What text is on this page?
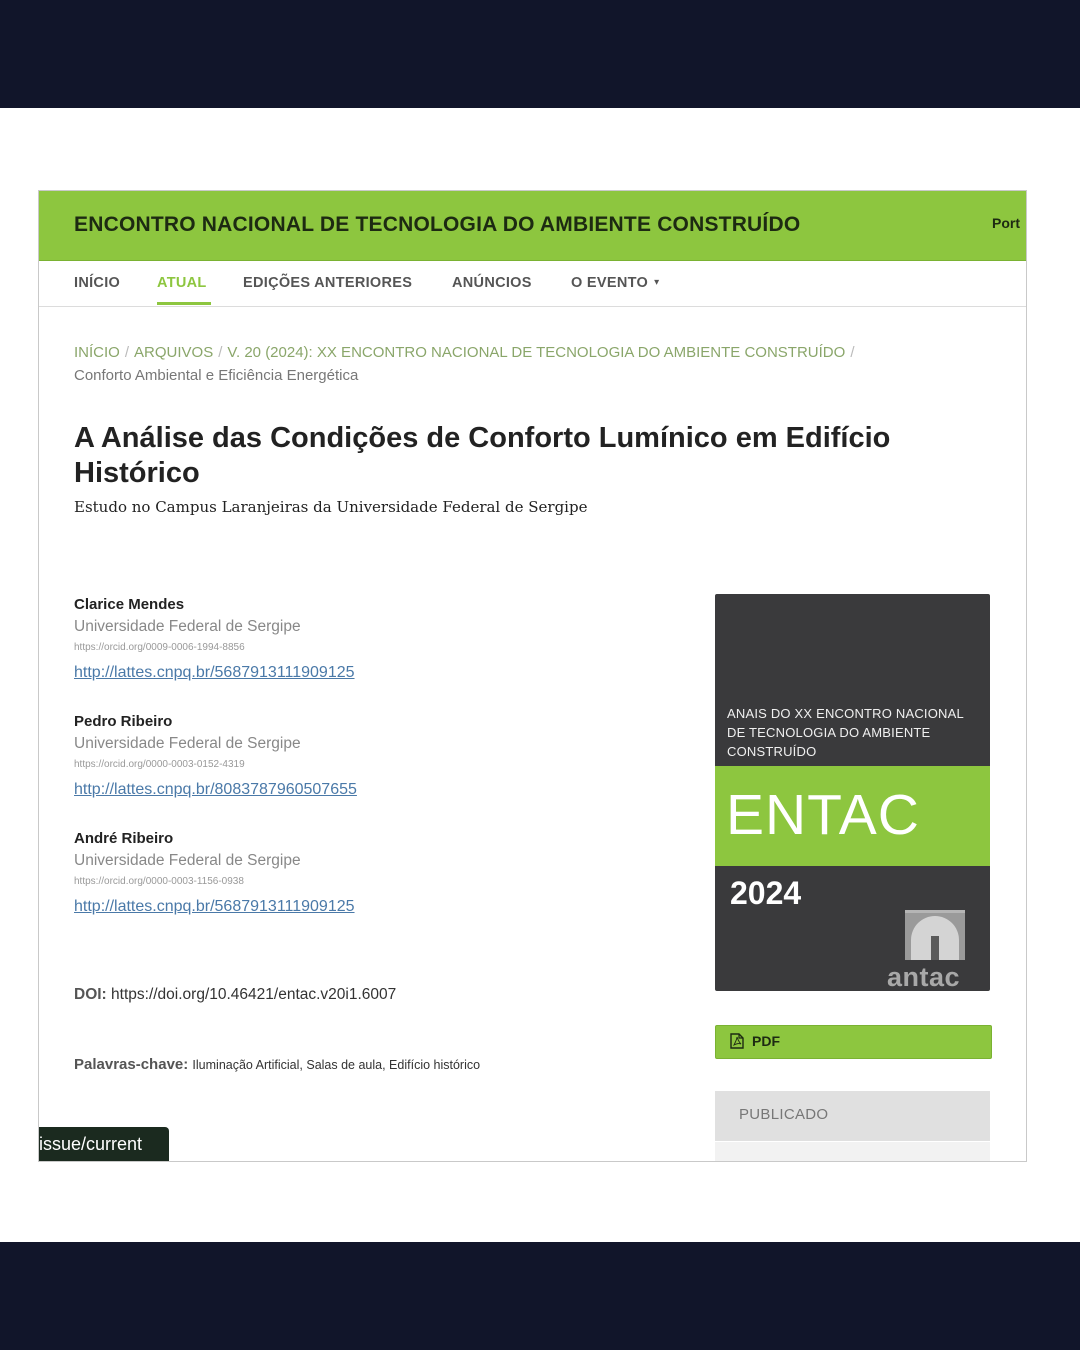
ENCONTRO NACIONAL DE TECNOLOGIA DO AMBIENTE CONSTRUÍDO	Port
INÍCIO	ATUAL	EDIÇÕES ANTERIORES	ANÚNCIOS	O EVENTO ▾
INÍCIO / ARQUIVOS / V. 20 (2024): XX ENCONTRO NACIONAL DE TECNOLOGIA DO AMBIENTE CONSTRUÍDO /
Conforto Ambiental e Eficiência Energética
A Análise das Condições de Conforto Lumínico em Edifício Histórico
Estudo no Campus Laranjeiras da Universidade Federal de Sergipe
Clarice Mendes
Universidade Federal de Sergipe
https://orcid.org/0009-0006-1994-8856
http://lattes.cnpq.br/5687913111909125
Pedro Ribeiro
Universidade Federal de Sergipe
https://orcid.org/0000-0003-0152-4319
http://lattes.cnpq.br/8083787960507655
André Ribeiro
Universidade Federal de Sergipe
https://orcid.org/0000-0003-1156-0938
http://lattes.cnpq.br/5687913111909125
DOI: https://doi.org/10.46421/entac.v20i1.6007
Palavras-chave: Iluminação Artificial, Salas de aula, Edifício histórico
ANAIS DO XX ENCONTRO NACIONAL DE TECNOLOGIA DO AMBIENTE CONSTRUÍDO
ENTAC
2024
antac
PDF
PUBLICADO
issue/current
